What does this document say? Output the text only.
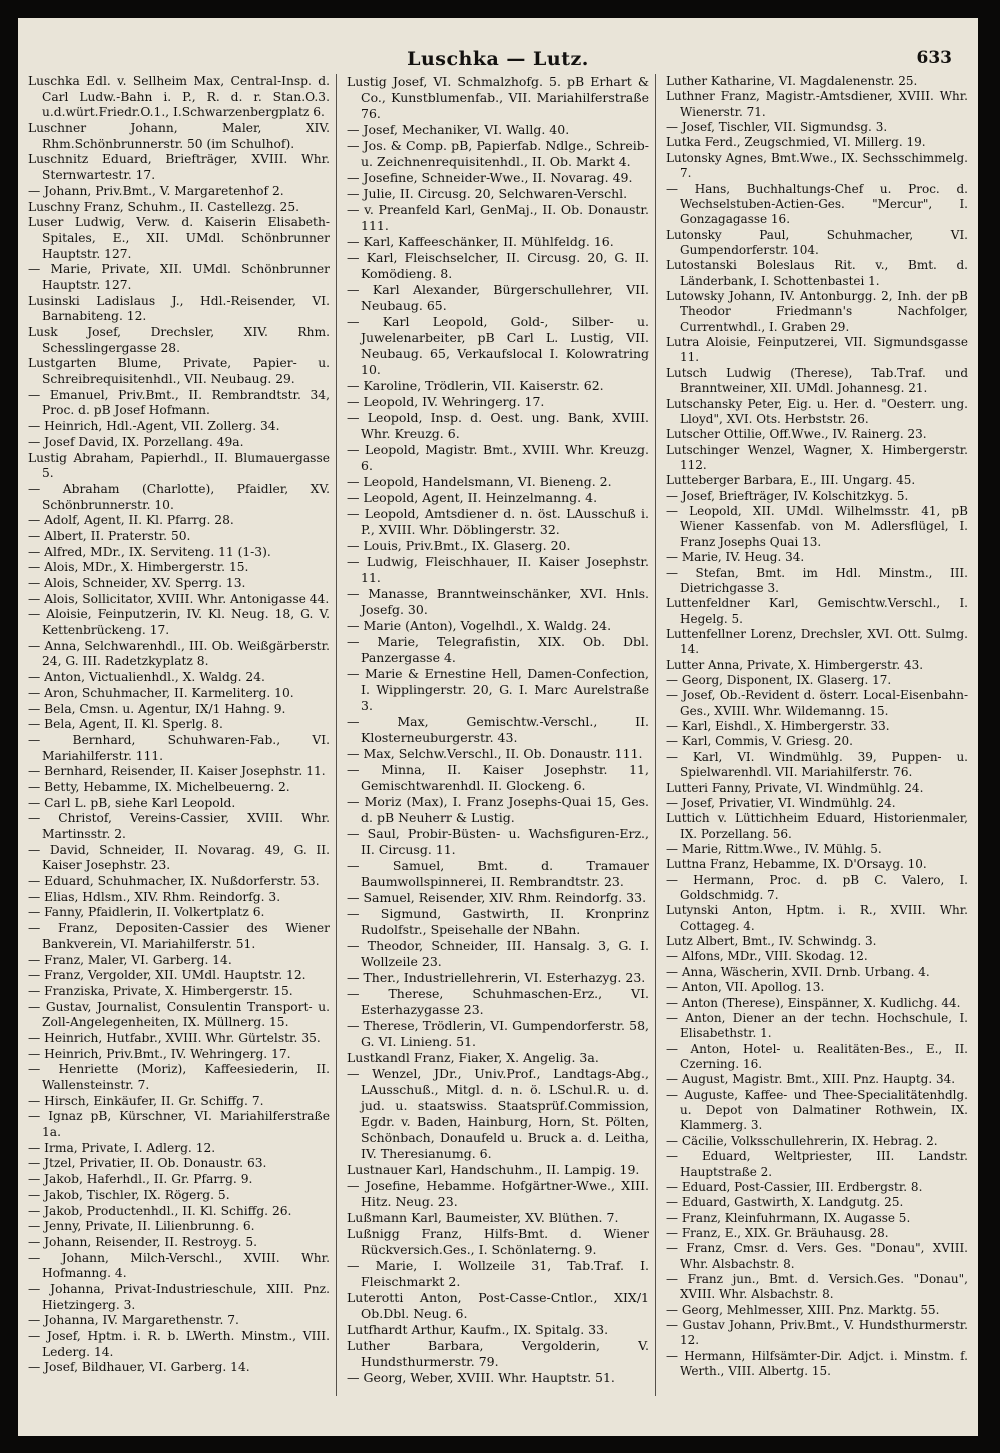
Luschka — Lutz.	633

Luschka Edl. v. Sellheim Max, Central-Insp. d. Carl Ludw.-Bahn i. P., R. d. r. Stan.O.3. u.d.würt.Friedr.O.1., I.Schwarzenbergplatz 6.

Luschner Johann, Maler, XIV. Rhm.Schönbrunnerstr. 50 (im Schulhof).

Luschnitz Eduard, Briefträger, XVIII. Whr. Sternwartestr. 17.

— Johann, Priv.Bmt., V. Margaretenhof 2.

Luschny Franz, Schuhm., II. Castellezg. 25.

Luser Ludwig, Verw. d. Kaiserin Elisabeth-Spitales, E., XII. UMdl. Schönbrunner Hauptstr. 127.

— Marie, Private, XII. UMdl. Schönbrunner Hauptstr. 127.

Lusinski Ladislaus J., Hdl.-Reisender, VI. Barnabiteng. 12.

Lusk Josef, Drechsler, XIV. Rhm. Schesslingergasse 28.

Lustgarten Blume, Private, Papier- u. Schreibrequisitenhdl., VII. Neubaug. 29.

— Emanuel, Priv.Bmt., II. Rembrandtstr. 34, Proc. d. pB Josef Hofmann.

— Heinrich, Hdl.-Agent, VII. Zollerg. 34.

— Josef David, IX. Porzellang. 49a.

Lustig Abraham, Papierhdl., II. Blumauergasse 5.

— Abraham (Charlotte), Pfaidler, XV. Schönbrunnerstr. 10.

— Adolf, Agent, II. Kl. Pfarrg. 28.

— Albert, II. Praterstr. 50.

— Alfred, MDr., IX. Serviteng. 11 (1-3).

— Alois, MDr., X. Himbergerstr. 15.

— Alois, Schneider, XV. Sperrg. 13.

— Alois, Sollicitator, XVIII. Whr. Antonigasse 44.

— Aloisie, Feinputzerin, IV. Kl. Neug. 18, G. V. Kettenbrückeng. 17.

— Anna, Selchwarenhdl., III. Ob. Weißgärberstr. 24, G. III. Radetzkyplatz 8.

— Anton, Victualienhdl., X. Waldg. 24.

— Aron, Schuhmacher, II. Karmeliterg. 10.

— Bela, Cmsn. u. Agentur, IX/1 Hahng. 9.

— Bela, Agent, II. Kl. Sperlg. 8.

— Bernhard, Schuhwaren-Fab., VI. Mariahilferstr. 111.

— Bernhard, Reisender, II. Kaiser Josephstr. 11.

— Betty, Hebamme, IX. Michelbeuerng. 2.

— Carl L. pB, siehe Karl Leopold.

— Christof, Vereins-Cassier, XVIII. Whr. Martinsstr. 2.

— David, Schneider, II. Novarag. 49, G. II. Kaiser Josephstr. 23.

— Eduard, Schuhmacher, IX. Nußdorferstr. 53.

— Elias, Hdlsm., XIV. Rhm. Reindorfg. 3.

— Fanny, Pfaidlerin, II. Volkertplatz 6.

— Franz, Depositen-Cassier des Wiener Bankverein, VI. Mariahilferstr. 51.

— Franz, Maler, VI. Garberg. 14.

— Franz, Vergolder, XII. UMdl. Hauptstr. 12.

— Franziska, Private, X. Himbergerstr. 15.

— Gustav, Journalist, Consulentin Transport- u. Zoll-Angelegenheiten, IX. Müllnerg. 15.

— Heinrich, Hutfabr., XVIII. Whr. Gürtelstr. 35.

— Heinrich, Priv.Bmt., IV. Wehringerg. 17.

— Henriette (Moriz), Kaffeesiederin, II. Wallensteinstr. 7.

— Hirsch, Einkäufer, II. Gr. Schiffg. 7.

— Ignaz pB, Kürschner, VI. Mariahilferstraße 1a.

— Irma, Private, I. Adlerg. 12.

— Jtzel, Privatier, II. Ob. Donaustr. 63.

— Jakob, Haferhdl., II. Gr. Pfarrg. 9.

— Jakob, Tischler, IX. Rögerg. 5.

— Jakob, Productenhdl., II. Kl. Schiffg. 26.

— Jenny, Private, II. Lilienbrunng. 6.

— Johann, Reisender, II. Restroyg. 5.

— Johann, Milch-Verschl., XVIII. Whr. Hofmanng. 4.

— Johanna, Privat-Industrieschule, XIII. Pnz. Hietzingerg. 3.

— Johanna, IV. Margarethenstr. 7.

— Josef, Hptm. i. R. b. LWerth. Minstm., VIII. Lederg. 14.

— Josef, Bildhauer, VI. Garberg. 14.

Lustig Josef, VI. Schmalzhofg. 5. pB Erhart & Co., Kunstblumenfab., VII. Mariahilferstraße 76.

— Josef, Mechaniker, VI. Wallg. 40.

— Jos. & Comp. pB, Papierfab. Ndlge., Schreib- u. Zeichnenrequisitenhdl., II. Ob. Markt 4.

— Josefine, Schneider-Wwe., II. Novarag. 49.

— Julie, II. Circusg. 20, Selchwaren-Verschl.

— v. Preanfeld Karl, GenMaj., II. Ob. Donaustr. 111.

— Karl, Kaffeeschänker, II. Mühlfeldg. 16.

— Karl, Fleischselcher, II. Circusg. 20, G. II. Komödieng. 8.

— Karl Alexander, Bürgerschullehrer, VII. Neubaug. 65.

— Karl Leopold, Gold-, Silber- u. Juwelenarbeiter, pB Carl L. Lustig, VII. Neubaug. 65, Verkaufslocal I. Kolowratring 10.

— Karoline, Trödlerin, VII. Kaiserstr. 62.

— Leopold, IV. Wehringerg. 17.

— Leopold, Insp. d. Oest. ung. Bank, XVIII. Whr. Kreuzg. 6.

— Leopold, Magistr. Bmt., XVIII. Whr. Kreuzg. 6.

— Leopold, Handelsmann, VI. Bieneng. 2.

— Leopold, Agent, II. Heinzelmanng. 4.

— Leopold, Amtsdiener d. n. öst. LAusschuß i. P., XVIII. Whr. Döblingerstr. 32.

— Louis, Priv.Bmt., IX. Glaserg. 20.

— Ludwig, Fleischhauer, II. Kaiser Josephstr. 11.

— Manasse, Branntweinschänker, XVI. Hnls. Josefg. 30.

— Marie (Anton), Vogelhdl., X. Waldg. 24.

— Marie, Telegrafistin, XIX. Ob. Dbl. Panzergasse 4.

— Marie & Ernestine Hell, Damen-Confection, I. Wipplingerstr. 20, G. I. Marc Aurelstraße 3.

— Max, Gemischtw.-Verschl., II. Klosterneuburgerstr. 43.

— Max, Selchw.Verschl., II. Ob. Donaustr. 111.

— Minna, II. Kaiser Josephstr. 11, Gemischtwarenhdl. II. Glockeng. 6.

— Moriz (Max), I. Franz Josephs-Quai 15, Ges. d. pB Neuherr & Lustig.

— Saul, Probir-Büsten- u. Wachsfiguren-Erz., II. Circusg. 11.

— Samuel, Bmt. d. Tramauer Baumwollspinnerei, II. Rembrandtstr. 23.

— Samuel, Reisender, XIV. Rhm. Reindorfg. 33.

— Sigmund, Gastwirth, II. Kronprinz Rudolfstr., Speisehalle der NBahn.

— Theodor, Schneider, III. Hansalg. 3, G. I. Wollzeile 23.

— Ther., Industriellehrerin, VI. Esterhazyg. 23.

— Therese, Schuhmaschen-Erz., VI. Esterhazygasse 23.

— Therese, Trödlerin, VI. Gumpendorferstr. 58, G. VI. Linieng. 51.

Lustkandl Franz, Fiaker, X. Angelig. 3a.

— Wenzel, JDr., Univ.Prof., Landtags-Abg., LAusschuß., Mitgl. d. n. ö. LSchul.R. u. d. jud. u. staatswiss. Staatsprüf.Commission, Egdr. v. Baden, Hainburg, Horn, St. Pölten, Schönbach, Donaufeld u. Bruck a. d. Leitha, IV. Theresianumg. 6.

Lustnauer Karl, Handschuhm., II. Lampig. 19.

— Josefine, Hebamme. Hofgärtner-Wwe., XIII. Hitz. Neug. 23.

Lußmann Karl, Baumeister, XV. Blüthen. 7.

Lußnigg Franz, Hilfs-Bmt. d. Wiener Rückversich.Ges., I. Schönlaterng. 9.

— Marie, I. Wollzeile 31, Tab.Traf. I. Fleischmarkt 2.

Luterotti Anton, Post-Casse-Cntlor., XIX/1 Ob.Dbl. Neug. 6.

Lutfhardt Arthur, Kaufm., IX. Spitalg. 33.

Luther Barbara, Vergolderin, V. Hundsthurmerstr. 79.

— Georg, Weber, XVIII. Whr. Hauptstr. 51.

Luther Katharine, VI. Magdalenenstr. 25.

Luthner Franz, Magistr.-Amtsdiener, XVIII. Whr. Wienerstr. 71.

— Josef, Tischler, VII. Sigmundsg. 3.

Lutka Ferd., Zeugschmied, VI. Millerg. 19.

Lutonsky Agnes, Bmt.Wwe., IX. Sechsschimmelg. 7.

— Hans, Buchhaltungs-Chef u. Proc. d. Wechselstuben-Actien-Ges. "Mercur", I. Gonzagagasse 16.

Lutonsky Paul, Schuhmacher, VI. Gumpendorferstr. 104.

Lutostanski Boleslaus Rit. v., Bmt. d. Länderbank, I. Schottenbastei 1.

Lutowsky Johann, IV. Antonburgg. 2, Inh. der pB Theodor Friedmann's Nachfolger, Currentwhdl., I. Graben 29.

Lutra Aloisie, Feinputzerei, VII. Sigmundsgasse 11.

Lutsch Ludwig (Therese), Tab.Traf. und Branntweiner, XII. UMdl. Johannesg. 21.

Lutschansky Peter, Eig. u. Her. d. "Oesterr. ung. Lloyd", XVI. Ots. Herbststr. 26.

Lutscher Ottilie, Off.Wwe., IV. Rainerg. 23.

Lutschinger Wenzel, Wagner, X. Himbergerstr. 112.

Lutteberger Barbara, E., III. Ungarg. 45.

— Josef, Briefträger, IV. Kolschitzkyg. 5.

— Leopold, XII. UMdl. Wilhelmsstr. 41, pB Wiener Kassenfab. von M. Adlersflügel, I. Franz Josephs Quai 13.

— Marie, IV. Heug. 34.

— Stefan, Bmt. im Hdl. Minstm., III. Dietrichgasse 3.

Luttenfeldner Karl, Gemischtw.Verschl., I. Hegelg. 5.

Luttenfellner Lorenz, Drechsler, XVI. Ott. Sulmg. 14.

Lutter Anna, Private, X. Himbergerstr. 43.

— Georg, Disponent, IX. Glaserg. 17.

— Josef, Ob.-Revident d. österr. Local-Eisenbahn-Ges., XVIII. Whr. Wildemanng. 15.

— Karl, Eishdl., X. Himbergerstr. 33.

— Karl, Commis, V. Griesg. 20.

— Karl, VI. Windmühlg. 39, Puppen- u. Spielwarenhdl. VII. Mariahilferstr. 76.

Lutteri Fanny, Private, VI. Windmühlg. 24.

— Josef, Privatier, VI. Windmühlg. 24.

Luttich v. Lüttichheim Eduard, Historienmaler, IX. Porzellang. 56.

— Marie, Rittm.Wwe., IV. Mühlg. 5.

Luttna Franz, Hebamme, IX. D'Orsayg. 10.

— Hermann, Proc. d. pB C. Valero, I. Goldschmidg. 7.

Lutynski Anton, Hptm. i. R., XVIII. Whr. Cottageg. 4.

Lutz Albert, Bmt., IV. Schwindg. 3.

— Alfons, MDr., VIII. Skodag. 12.

— Anna, Wäscherin, XVII. Drnb. Urbang. 4.

— Anton, VII. Apollog. 13.

— Anton (Therese), Einspänner, X. Kudlichg. 44.

— Anton, Diener an der techn. Hochschule, I. Elisabethstr. 1.

— Anton, Hotel- u. Realitäten-Bes., E., II. Czerning. 16.

— August, Magistr. Bmt., XIII. Pnz. Hauptg. 34.

— Auguste, Kaffee- und Thee-Specialitätenhdlg. u. Depot von Dalmatiner Rothwein, IX. Klammerg. 3.

— Cäcilie, Volksschullehrerin, IX. Hebrag. 2.

— Eduard, Weltpriester, III. Landstr. Hauptstraße 2.

— Eduard, Post-Cassier, III. Erdbergstr. 8.

— Eduard, Gastwirth, X. Landgutg. 25.

— Franz, Kleinfuhrmann, IX. Augasse 5.

— Franz, E., XIX. Gr. Bräuhausg. 28.

— Franz, Cmsr. d. Vers. Ges. "Donau", XVIII. Whr. Alsbachstr. 8.

— Franz jun., Bmt. d. Versich.Ges. "Donau", XVIII. Whr. Alsbachstr. 8.

— Georg, Mehlmesser, XIII. Pnz. Marktg. 55.

— Gustav Johann, Priv.Bmt., V. Hundsthurmerstr. 12.

— Hermann, Hilfsämter-Dir. Adjct. i. Minstm. f. Werth., VIII. Albertg. 15.
